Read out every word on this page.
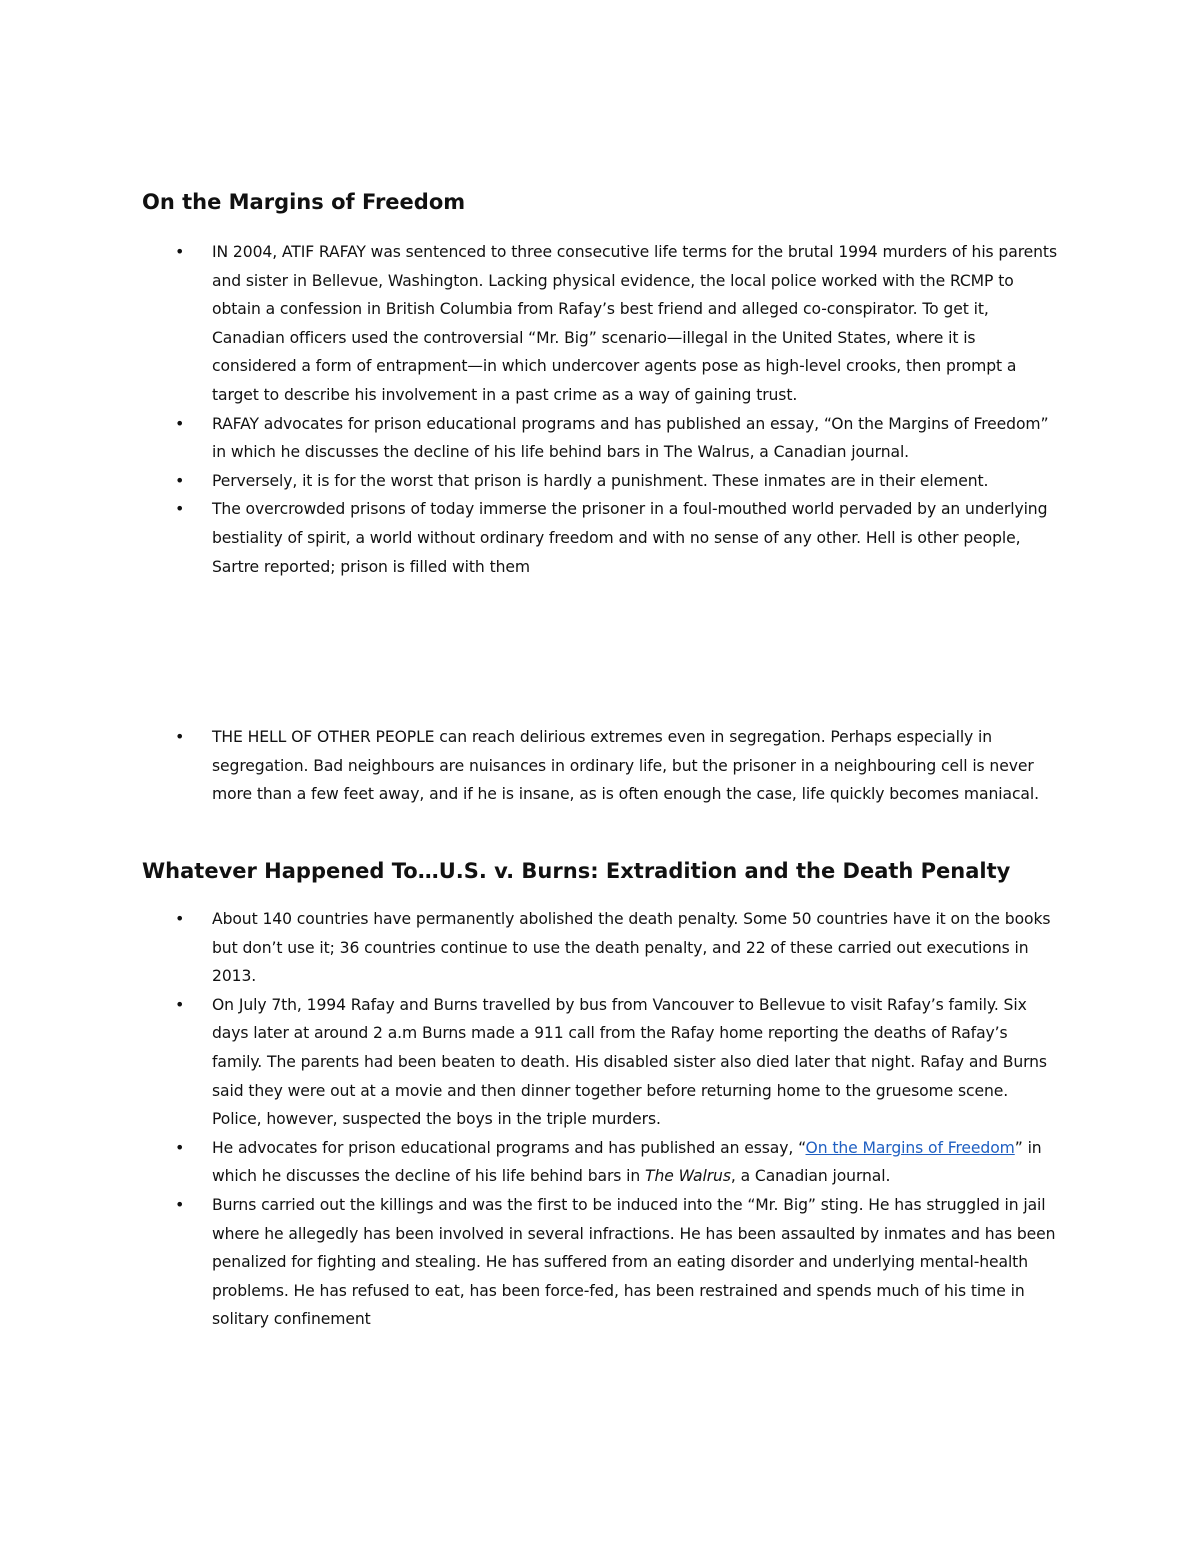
On the Margins of Freedom
• IN 2004, ATIF RAFAY was sentenced to three consecutive life terms for the brutal 1994 murders of his parents and sister in Bellevue, Washington. Lacking physical evidence, the local police worked with the RCMP to obtain a confession in British Columbia from Rafay’s best friend and alleged co-conspirator. To get it, Canadian officers used the controversial “Mr. Big” scenario—illegal in the United States, where it is considered a form of entrapment—in which undercover agents pose as high-level crooks, then prompt a target to describe his involvement in a past crime as a way of gaining trust.
• RAFAY advocates for prison educational programs and has published an essay, “On the Margins of Freedom” in which he discusses the decline of his life behind bars in The Walrus, a Canadian journal.
• Perversely, it is for the worst that prison is hardly a punishment. These inmates are in their element.
• The overcrowded prisons of today immerse the prisoner in a foul-mouthed world pervaded by an underlying bestiality of spirit, a world without ordinary freedom and with no sense of any other. Hell is other people, Sartre reported; prison is filled with them
• THE HELL OF OTHER PEOPLE can reach delirious extremes even in segregation. Perhaps especially in segregation. Bad neighbours are nuisances in ordinary life, but the prisoner in a neighbouring cell is never more than a few feet away, and if he is insane, as is often enough the case, life quickly becomes maniacal.
Whatever Happened To…U.S. v. Burns: Extradition and the Death Penalty
• About 140 countries have permanently abolished the death penalty. Some 50 countries have it on the books but don’t use it; 36 countries continue to use the death penalty, and 22 of these carried out executions in 2013.
• On July 7th, 1994 Rafay and Burns travelled by bus from Vancouver to Bellevue to visit Rafay’s family. Six days later at around 2 a.m Burns made a 911 call from the Rafay home reporting the deaths of Rafay’s family. The parents had been beaten to death. His disabled sister also died later that night. Rafay and Burns said they were out at a movie and then dinner together before returning home to the gruesome scene. Police, however, suspected the boys in the triple murders.
• He advocates for prison educational programs and has published an essay, “On the Margins of Freedom” in which he discusses the decline of his life behind bars in The Walrus, a Canadian journal.
• Burns carried out the killings and was the first to be induced into the “Mr. Big” sting. He has struggled in jail where he allegedly has been involved in several infractions. He has been assaulted by inmates and has been penalized for fighting and stealing. He has suffered from an eating disorder and underlying mental-health problems. He has refused to eat, has been force-fed, has been restrained and spends much of his time in solitary confinement
